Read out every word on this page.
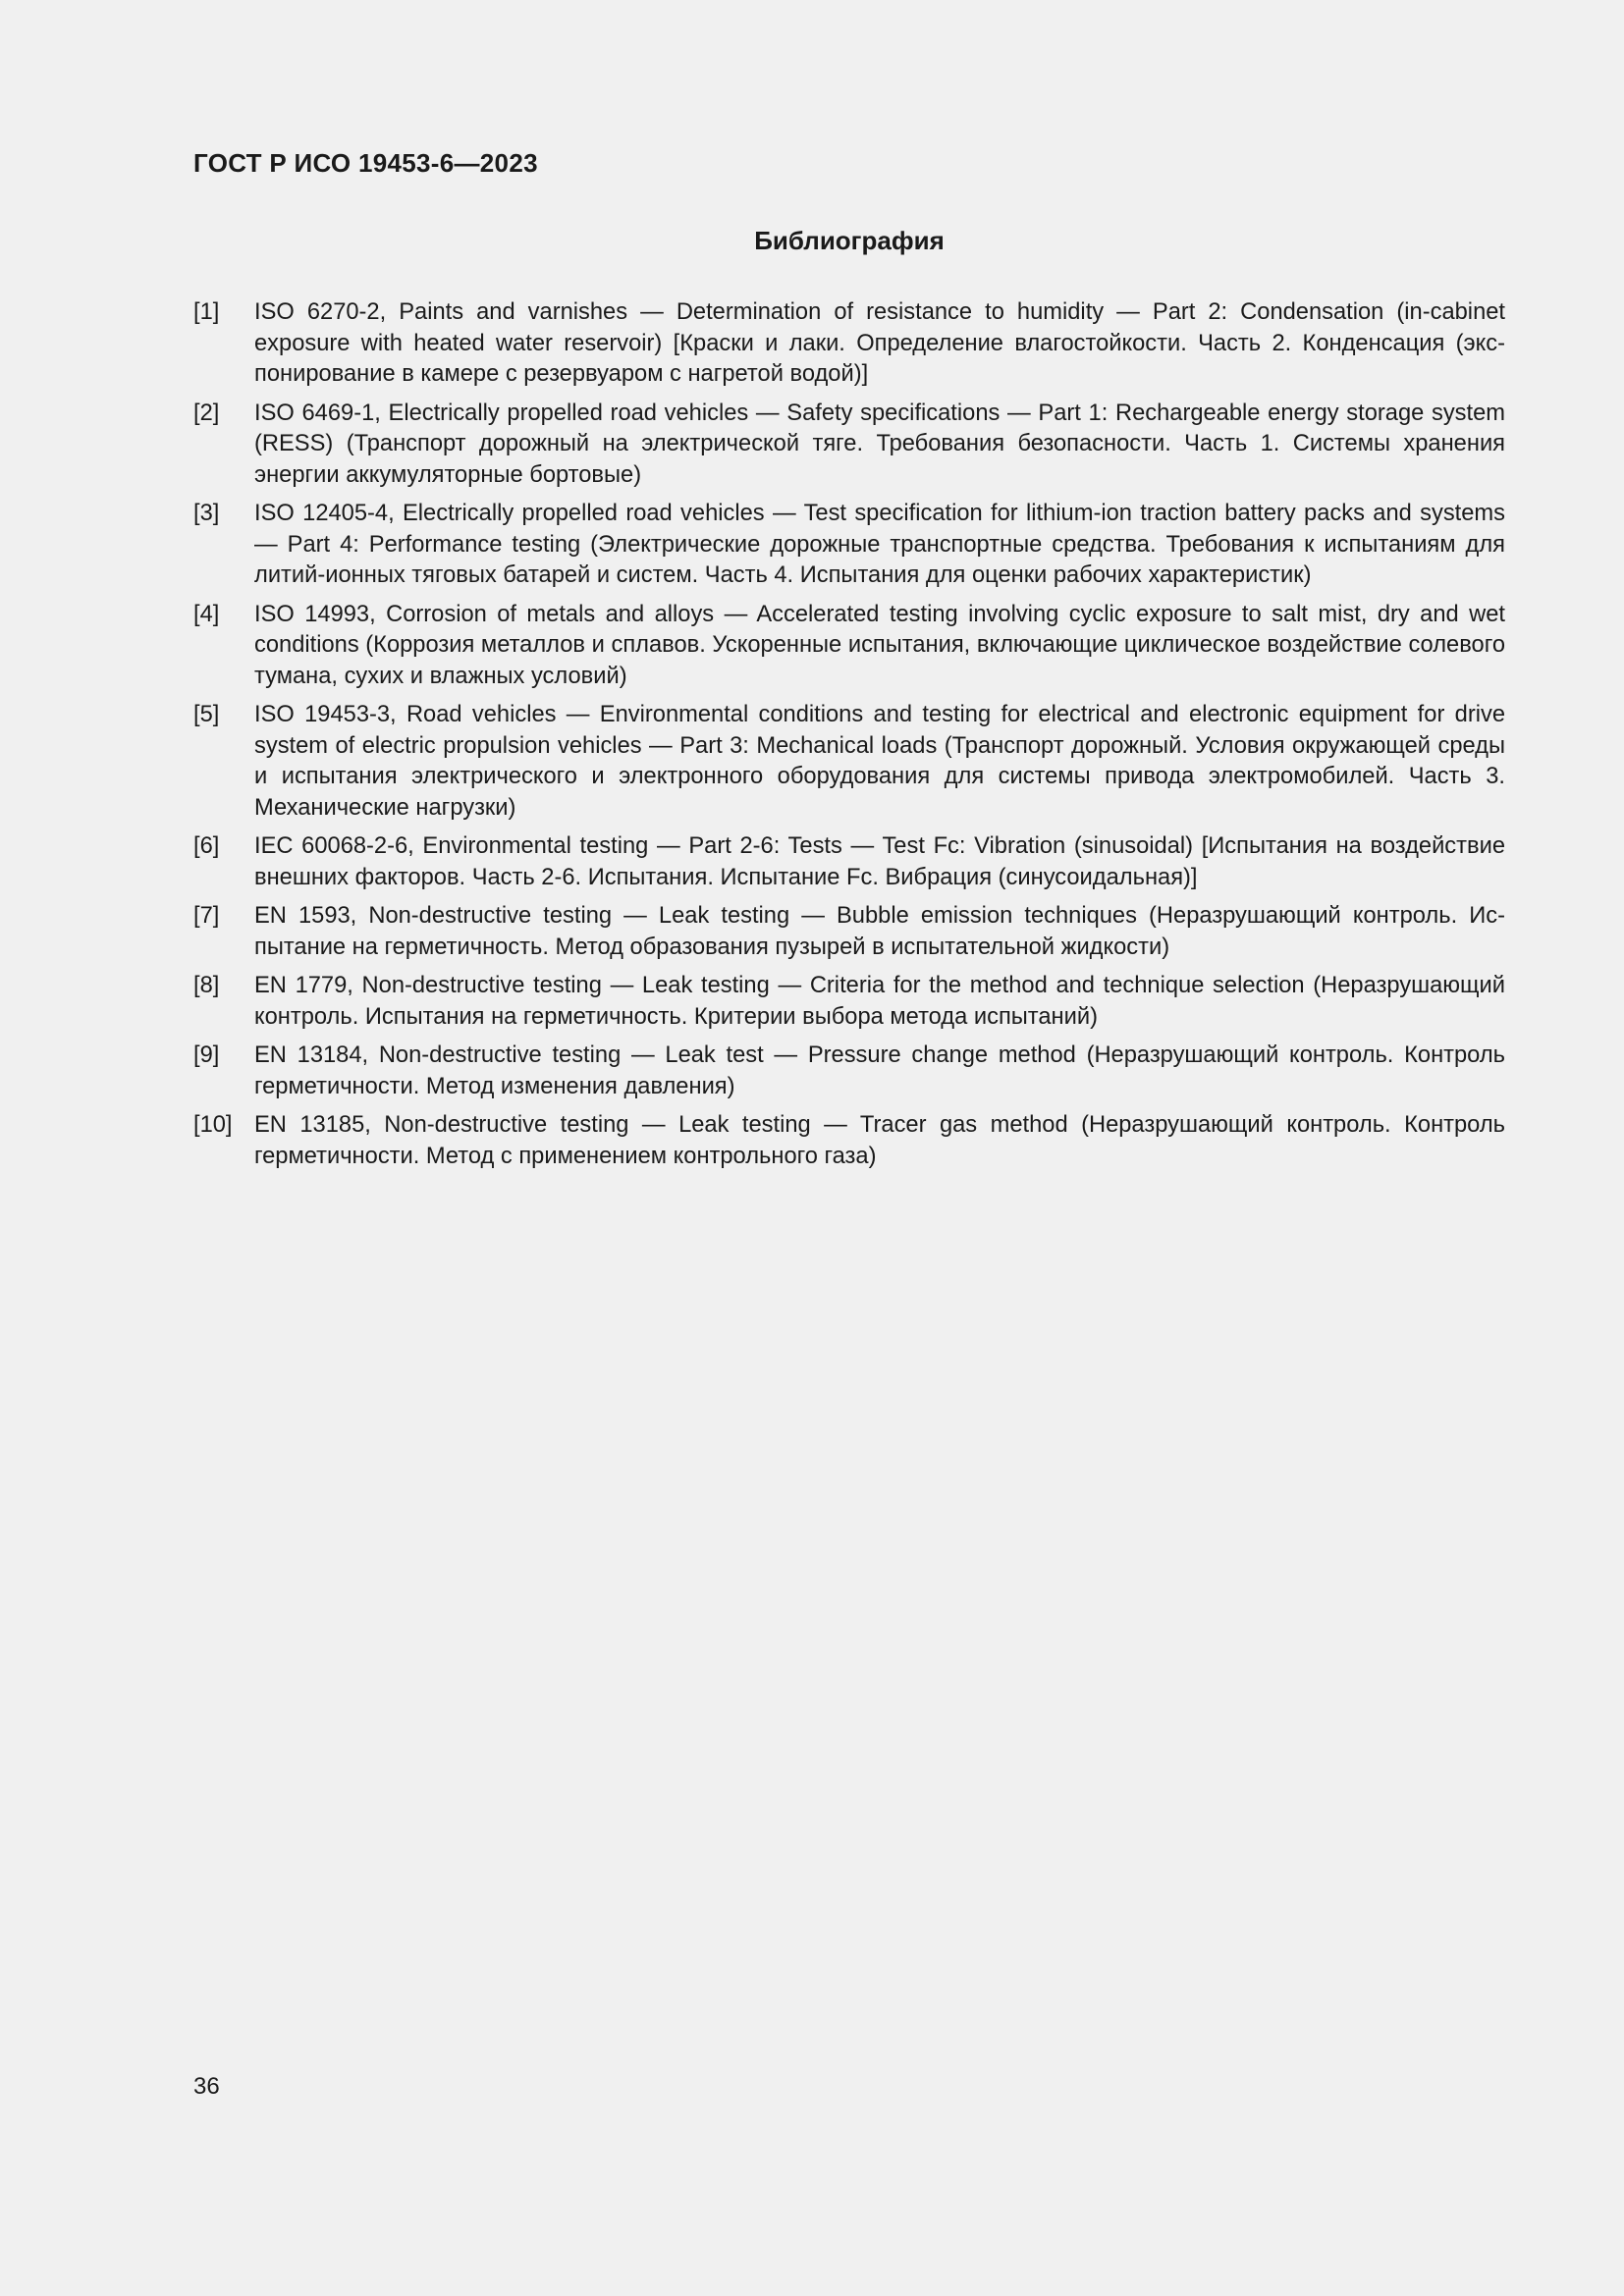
ГОСТ Р ИСО 19453-6—2023
Библиография
[1] ISO 6270-2, Paints and varnishes — Determination of resistance to humidity — Part 2: Condensation (in-cabinet exposure with heated water reservoir) [Краски и лаки. Определение влагостойкости. Часть 2. Конденсация (экспонирование в камере с резервуаром с нагретой водой)]
[2] ISO 6469-1, Electrically propelled road vehicles — Safety specifications — Part 1: Rechargeable energy storage system (RESS) (Транспорт дорожный на электрической тяге. Требования безопасности. Часть 1. Системы хранения энергии аккумуляторные бортовые)
[3] ISO 12405-4, Electrically propelled road vehicles — Test specification for lithium-ion traction battery packs and systems — Part 4: Performance testing (Электрические дорожные транспортные средства. Требования к испытаниям для литий-ионных тяговых батарей и систем. Часть 4. Испытания для оценки рабочих характеристик)
[4] ISO 14993, Corrosion of metals and alloys — Accelerated testing involving cyclic exposure to salt mist, dry and wet conditions (Коррозия металлов и сплавов. Ускоренные испытания, включающие циклическое воздействие солевого тумана, сухих и влажных условий)
[5] ISO 19453-3, Road vehicles — Environmental conditions and testing for electrical and electronic equipment for drive system of electric propulsion vehicles — Part 3: Mechanical loads (Транспорт дорожный. Условия окружающей среды и испытания электрического и электронного оборудования для системы привода электромобилей. Часть 3. Механические нагрузки)
[6] IEC 60068-2-6, Environmental testing — Part 2-6: Tests — Test Fc: Vibration (sinusoidal) [Испытания на воздействие внешних факторов. Часть 2-6. Испытания. Испытание Fc. Вибрация (синусоидальная)]
[7] EN 1593, Non-destructive testing — Leak testing — Bubble emission techniques (Неразрушающий контроль. Испытание на герметичность. Метод образования пузырей в испытательной жидкости)
[8] EN 1779, Non-destructive testing — Leak testing — Criteria for the method and technique selection (Неразрушающий контроль. Испытания на герметичность. Критерии выбора метода испытаний)
[9] EN 13184, Non-destructive testing — Leak test — Pressure change method (Неразрушающий контроль. Контроль герметичности. Метод изменения давления)
[10] EN 13185, Non-destructive testing — Leak testing — Tracer gas method (Неразрушающий контроль. Контроль герметичности. Метод с применением контрольного газа)
36
